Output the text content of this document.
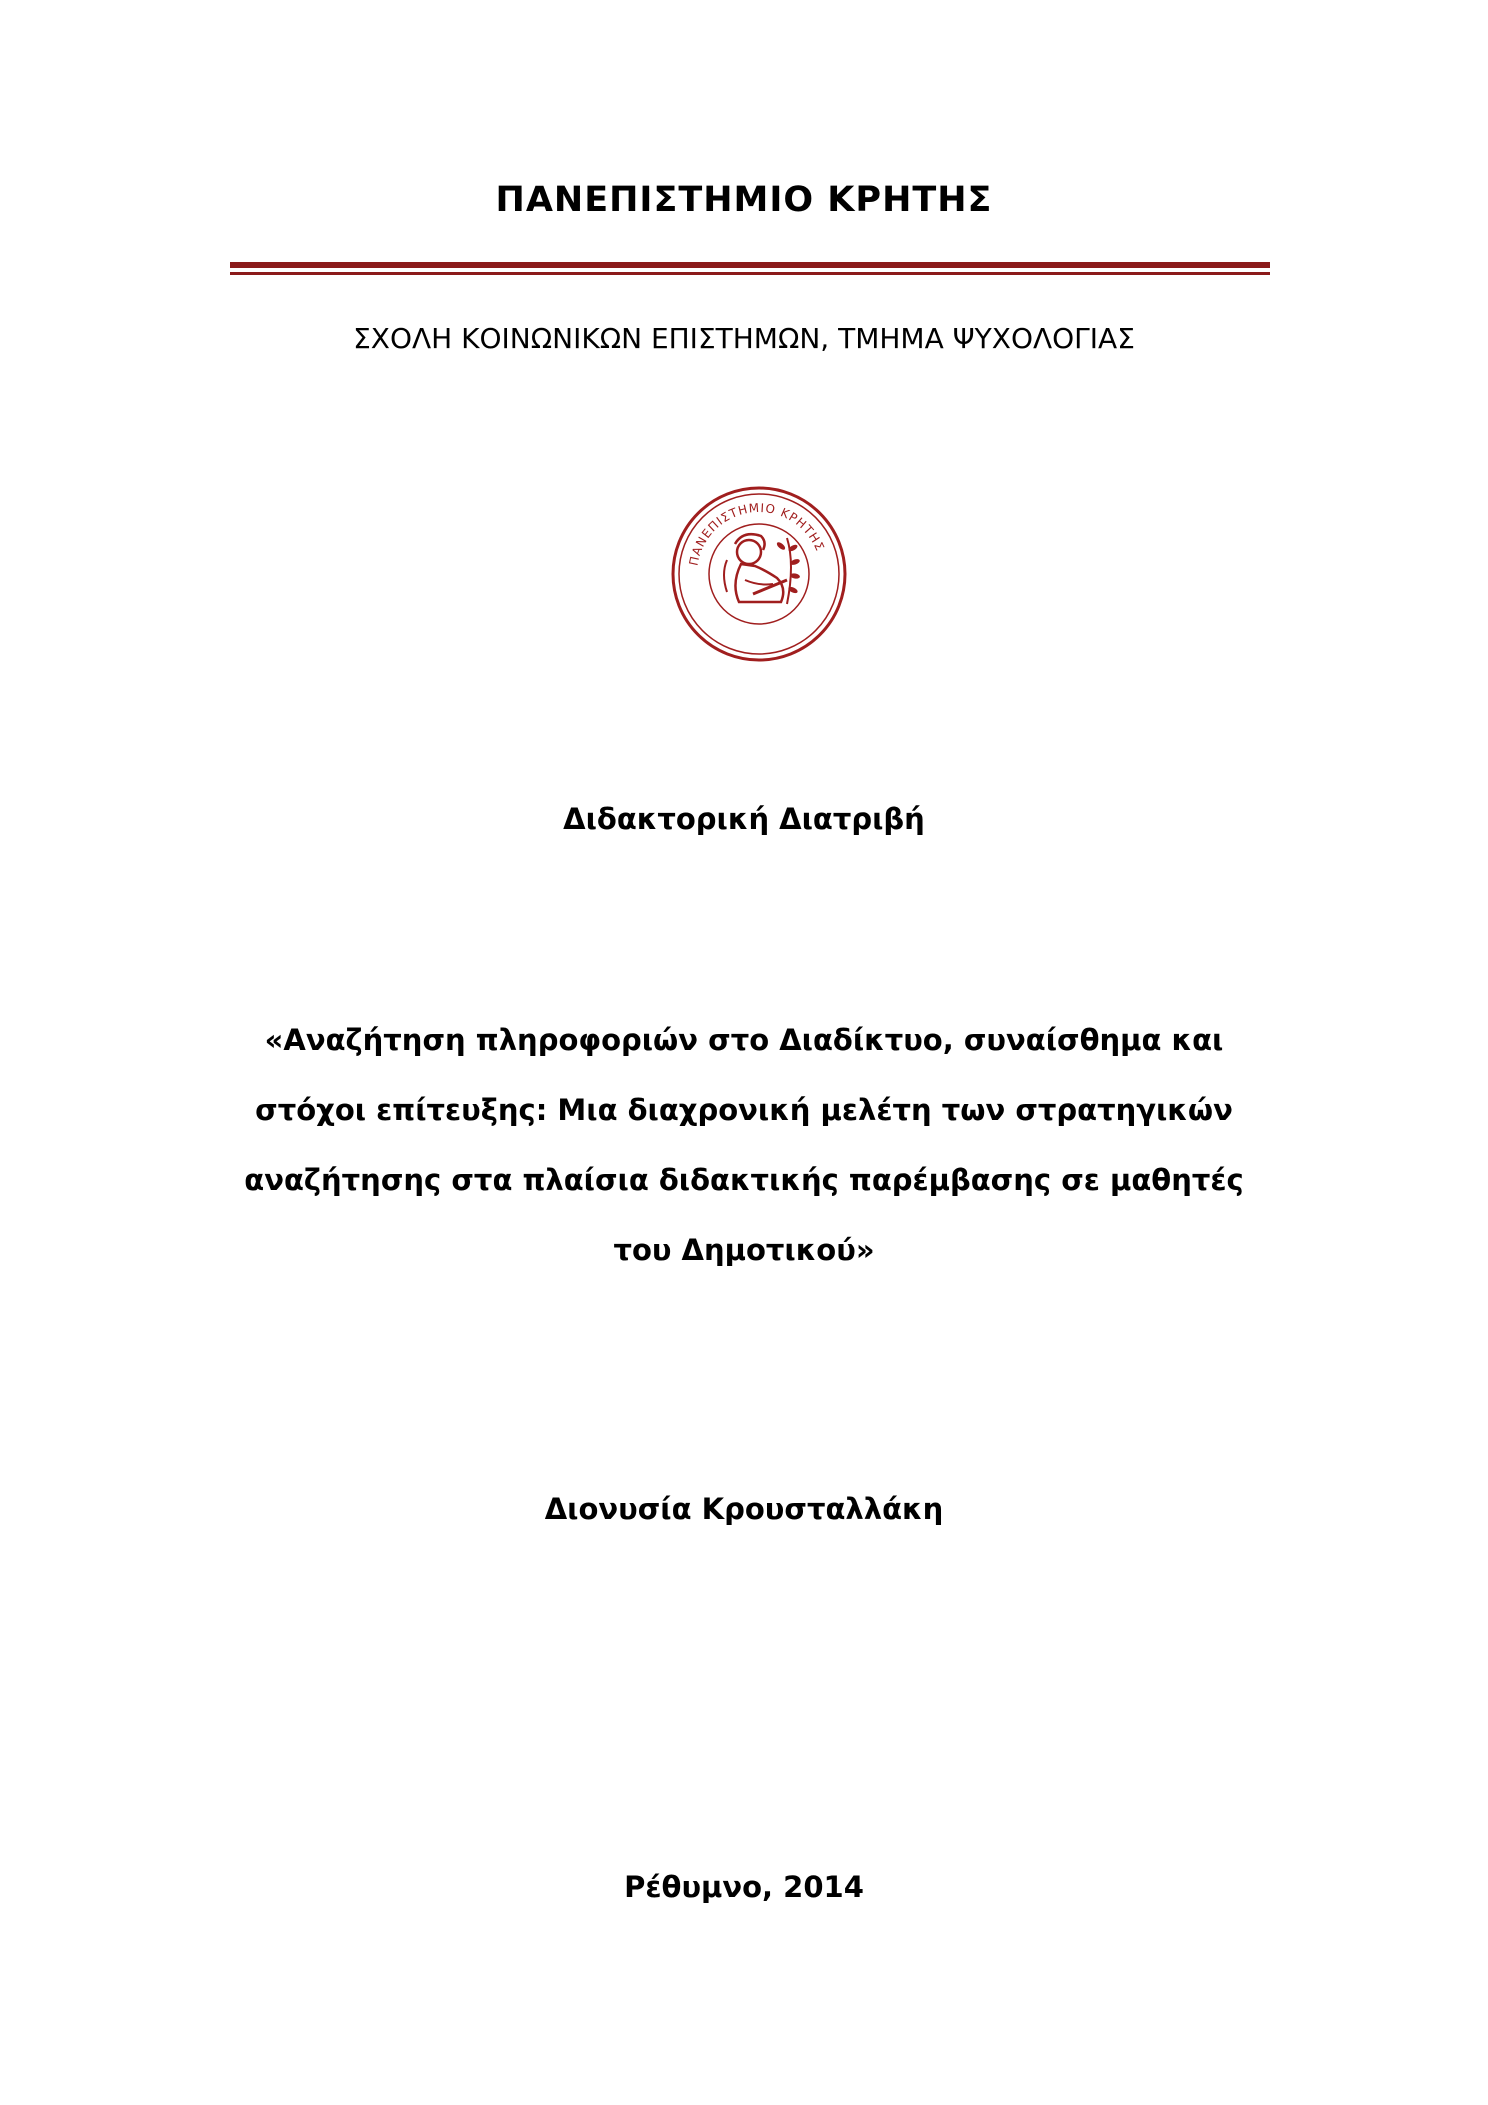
ΠΑΝΕΠΙΣΤΗΜΙΟ ΚΡΗΤΗΣ
ΣΧΟΛΗ ΚΟΙΝΩΝΙΚΩΝ ΕΠΙΣΤΗΜΩΝ, ΤΜΗΜΑ ΨΥΧΟΛΟΓΙΑΣ
ΠΑΝΕΠΙΣΤΗΜΙΟ ΚΡΗΤΗΣ
Διδακτορική Διατριβή
«Αναζήτηση πληροφοριών στο Διαδίκτυο, συναίσθημα και
στόχοι επίτευξης: Μια διαχρονική μελέτη των στρατηγικών
αναζήτησης στα πλαίσια διδακτικής παρέμβασης σε μαθητές
του Δημοτικού»
Διονυσία Κρουσταλλάκη
Ρέθυμνο, 2014
